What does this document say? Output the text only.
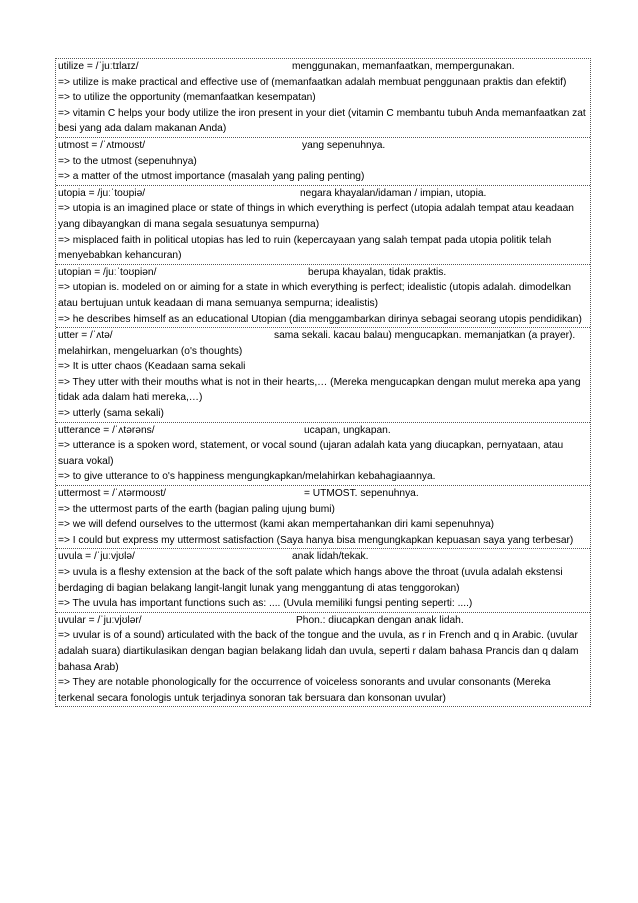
utilize = /ˈjuːtɪlaɪz/	menggunakan, memanfaatkan, mempergunakan.

=> utilize is make practical and effective use of (memanfaatkan adalah membuat penggunaan praktis dan efektif)

=> to utilize the opportunity (memanfaatkan kesempatan)

=> vitamin C helps your body utilize the iron present in your diet (vitamin C membantu tubuh Anda memanfaatkan zat besi yang ada dalam makanan Anda)

utmost = /ˈʌtmoʊst/	yang sepenuhnya.

=> to the utmost (sepenuhnya)

=> a matter of the utmost importance (masalah yang paling penting)

utopia = /juːˈtoʊpiə/	negara khayalan/idaman / impian, utopia.

=> utopia is an imagined place or state of things in which everything is perfect (utopia adalah tempat atau keadaan yang dibayangkan di mana segala sesuatunya sempurna)

=> misplaced faith in political utopias has led to ruin (kepercayaan yang salah tempat pada utopia politik telah menyebabkan kehancuran)

utopian = /juːˈtoʊpiən/	berupa khayalan, tidak praktis.

=> utopian is. modeled on or aiming for a state in which everything is perfect; idealistic (utopis adalah. dimodelkan atau bertujuan untuk keadaan di mana semuanya sempurna; idealistis)

=> he describes himself as an educational Utopian (dia menggambarkan dirinya sebagai seorang utopis pendidikan)

utter = /ˈʌtə/	sama sekali. kacau balau) mengucapkan. memanjatkan (a prayer). melahirkan, mengeluarkan (o's thoughts)

=> It is utter chaos (Keadaan sama sekali

=> They utter with their mouths what is not in their hearts,… (Mereka mengucapkan dengan mulut mereka apa yang tidak ada dalam hati mereka,…)

=> utterly (sama sekali)

utterance = /ˈʌtərəns/	ucapan, ungkapan.

=> utterance is a spoken word, statement, or vocal sound (ujaran adalah kata yang diucapkan, pernyataan, atau suara vokal)

=> to give utterance to o's happiness mengungkapkan/melahirkan kebahagiaannya.

uttermost = /ˈʌtərmoʊst/	= UTMOST. sepenuhnya.

=> the uttermost parts of the earth (bagian paling ujung bumi)

=> we will defend ourselves to the uttermost (kami akan mempertahankan diri kami sepenuhnya)

=> I could but express my uttermost satisfaction (Saya hanya bisa mengungkapkan kepuasan saya yang terbesar)

uvula = /ˈjuːvjʊlə/	anak lidah/tekak.

=> uvula is a fleshy extension at the back of the soft palate which hangs above the throat (uvula adalah ekstensi berdaging di bagian belakang langit-langit lunak yang menggantung di atas tenggorokan)

=> The uvula has important functions such as: .... (Uvula memiliki fungsi penting seperti: ....)

uvular = /ˈjuːvjʊlər/	Phon.: diucapkan dengan anak lidah.

=> uvular is of a sound) articulated with the back of the tongue and the uvula, as r in French and q in Arabic. (uvular adalah suara) diartikulasikan dengan bagian belakang lidah dan uvula, seperti r dalam bahasa Prancis dan q dalam bahasa Arab)

=> They are notable phonologically for the occurrence of voiceless sonorants and uvular consonants (Mereka terkenal secara fonologis untuk terjadinya sonoran tak bersuara dan konsonan uvular)
